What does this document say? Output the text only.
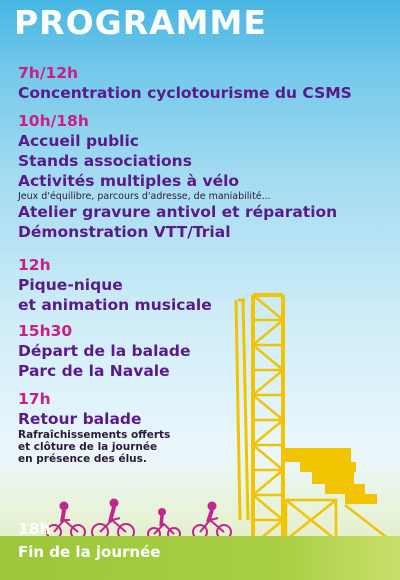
PROGRAMME
7h/12h
Concentration cyclotourisme du CSMS
10h/18h
Accueil public
Stands associations
Activités multiples à vélo
Jeux d'équilibre, parcours d'adresse, de maniabilité...
Atelier gravure antivol et réparation
Démonstration VTT/Trial
12h
Pique-nique
et animation musicale
15h30
Départ de la balade
Parc de la Navale
17h
Retour balade
Rafraîchissements offerts
et clôture de la journée
en présence des élus.
18h
Fin de la journée
